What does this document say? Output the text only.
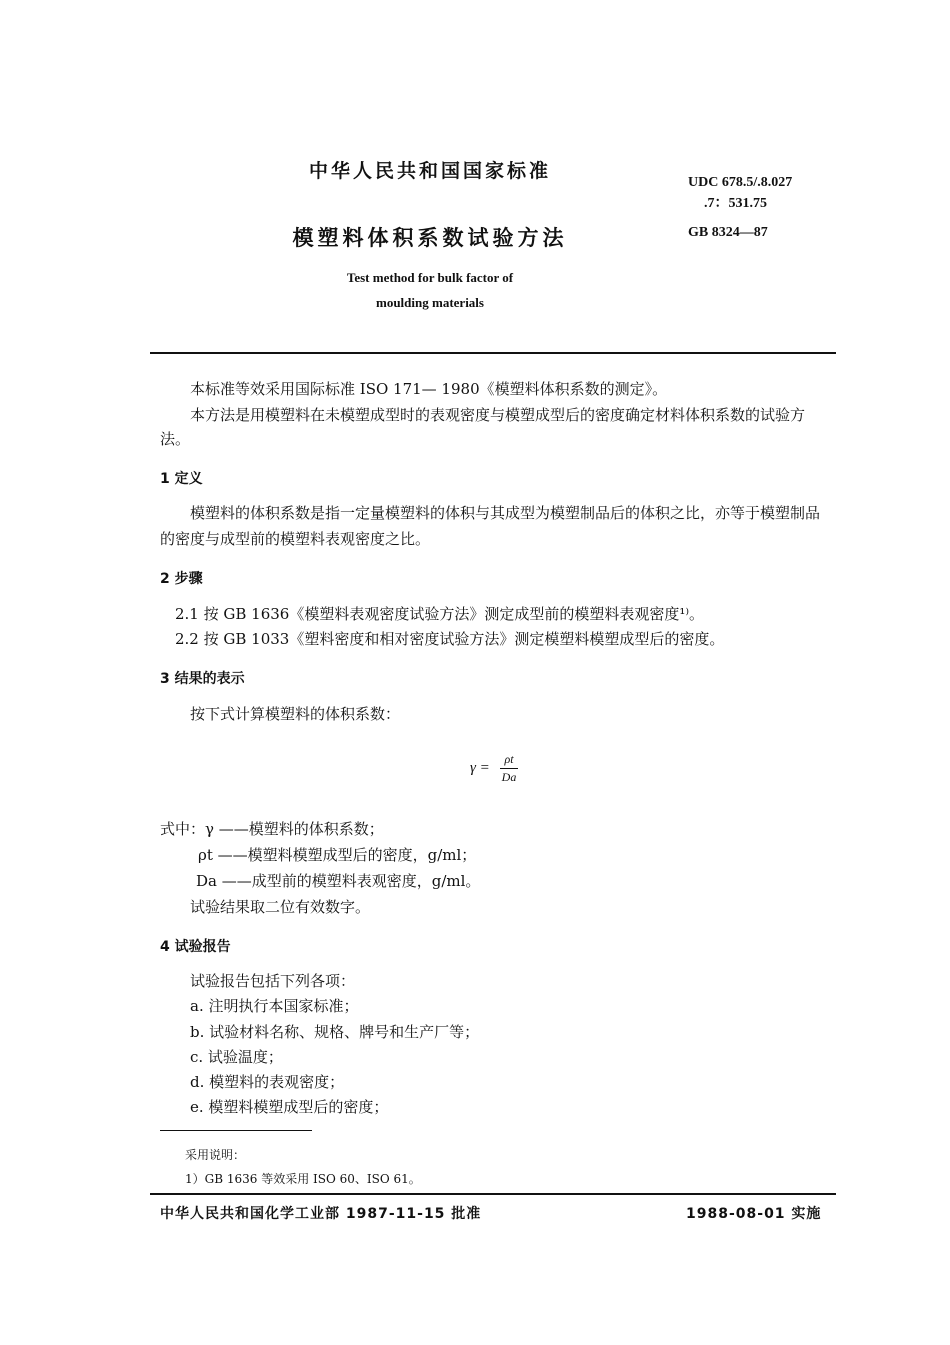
中华人民共和国国家标准
模塑料体积系数试验方法
UDC 678.5/.8.027
.7：531.75
GB 8324—87
Test method for bulk factor of
moulding materials
本标准等效采用国际标准 ISO 171— 1980《模塑料体积系数的测定》。
本方法是用模塑料在未模塑成型时的表观密度与模塑成型后的密度确定材料体积系数的试验方
法。
1 定义
模塑料的体积系数是指一定量模塑料的体积与其成型为模塑制品后的体积之比，亦等于模塑制品
的密度与成型前的模塑料表观密度之比。
2 步骤
2.1 按 GB 1636《模塑料表观密度试验方法》测定成型前的模塑料表观密度¹⁾。
2.2 按 GB 1033《塑料密度和相对密度试验方法》测定模塑料模塑成型后的密度。
3 结果的表示
按下式计算模塑料的体积系数：
γ =
ρt
Da
式中：γ ——模塑料的体积系数；
ρt ——模塑料模塑成型后的密度，g/ml；
Da ——成型前的模塑料表观密度，g/ml。
试验结果取二位有效数字。
4 试验报告
试验报告包括下列各项：
a. 注明执行本国家标准；
b. 试验材料名称、规格、牌号和生产厂等；
c. 试验温度；
d. 模塑料的表观密度；
e. 模塑料模塑成型后的密度；
采用说明：
1）GB 1636 等效采用 ISO 60、ISO 61。
中华人民共和国化学工业部 1987-11-15 批准	1988-08-01 实施
